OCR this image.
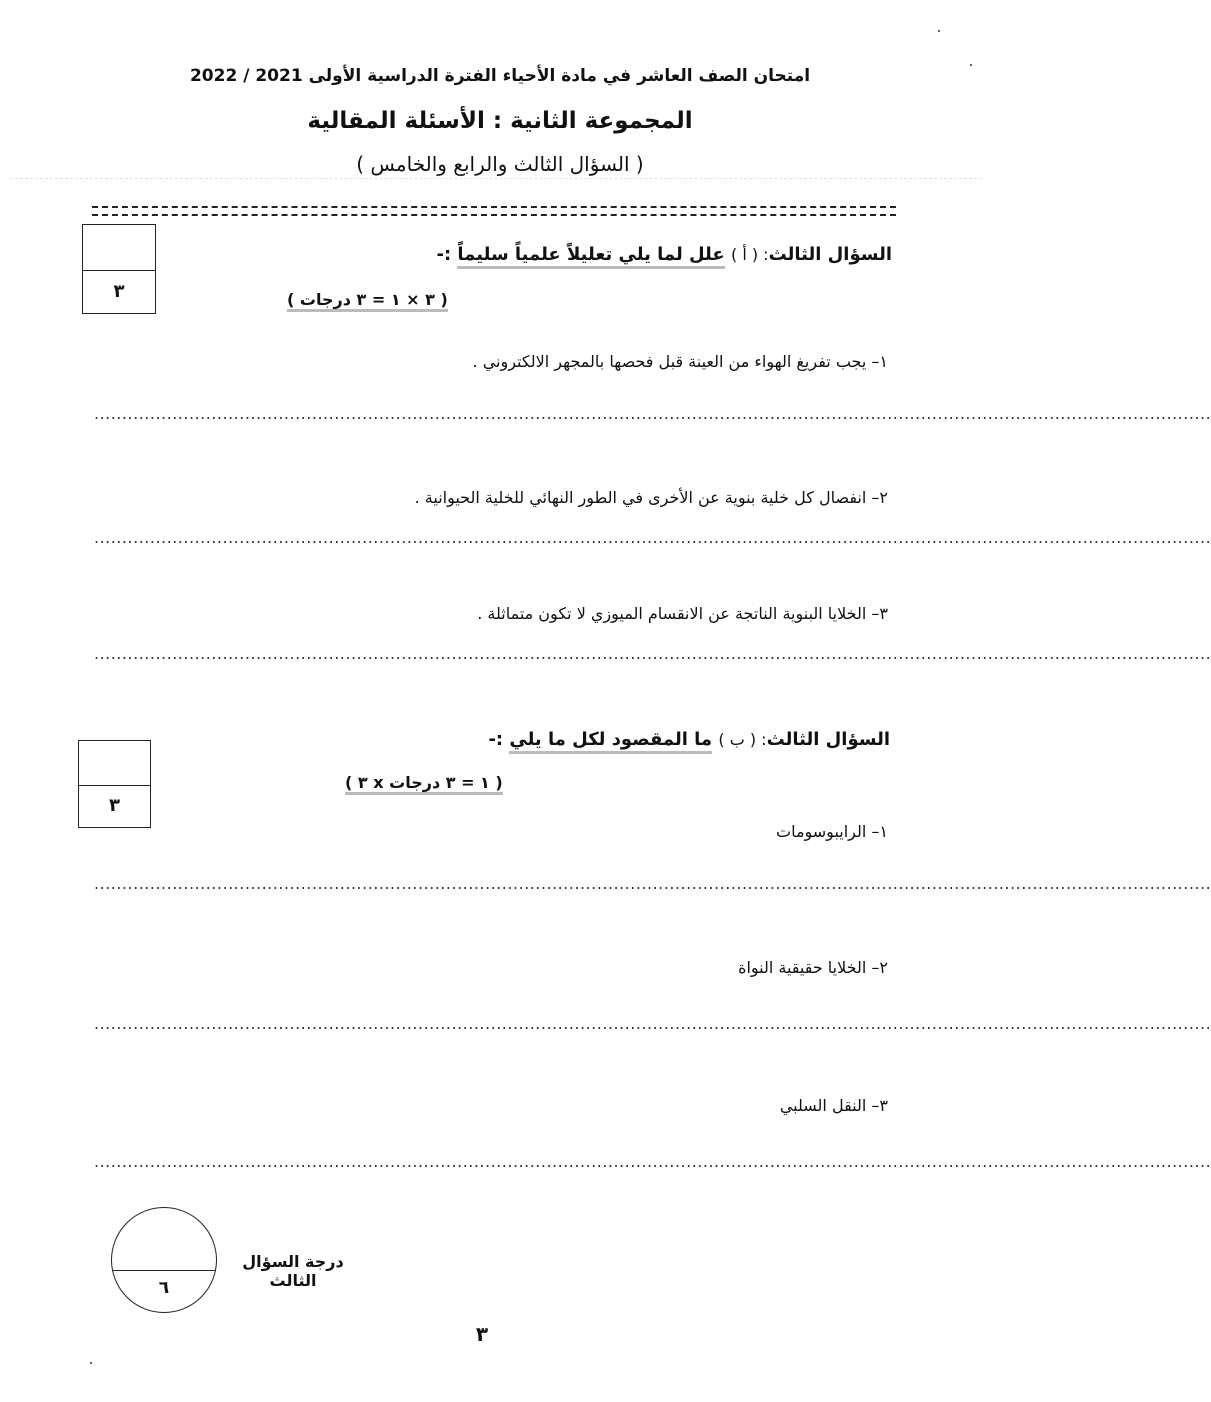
امتحان الصف العاشر في مادة الأحياء الفترة الدراسية الأولى 2021 / 2022
المجموعة الثانية : الأسئلة المقالية
( السؤال الثالث والرابع والخامس )
٣
السؤال الثالث: ( أ ) علل لما يلي تعليلاً علمياً سليماً :-
( ٣ × ١ = ٣ درجات )
١– يجب تفريغ الهواء من العينة قبل فحصها بالمجهر الالكتروني .
........................................................................................................................................................................................................
٢– انفصال كل خلية بنوية عن الأخرى في الطور النهائي للخلية الحيوانية .
........................................................................................................................................................................................................
٣– الخلايا البنوية الناتجة عن الانقسام الميوزي لا تكون متماثلة .
........................................................................................................................................................................................................
٣
السؤال الثالث: ( ب ) ما المقصود لكل ما يلي :-
( ٣ x ١ = ٣ درجات )
١– الرايبوسومات
........................................................................................................................................................................................................
٢– الخلايا حقيقية النواة
........................................................................................................................................................................................................
٣– النقل السلبي
........................................................................................................................................................................................................
٦
درجة السؤال الثالث
٣
